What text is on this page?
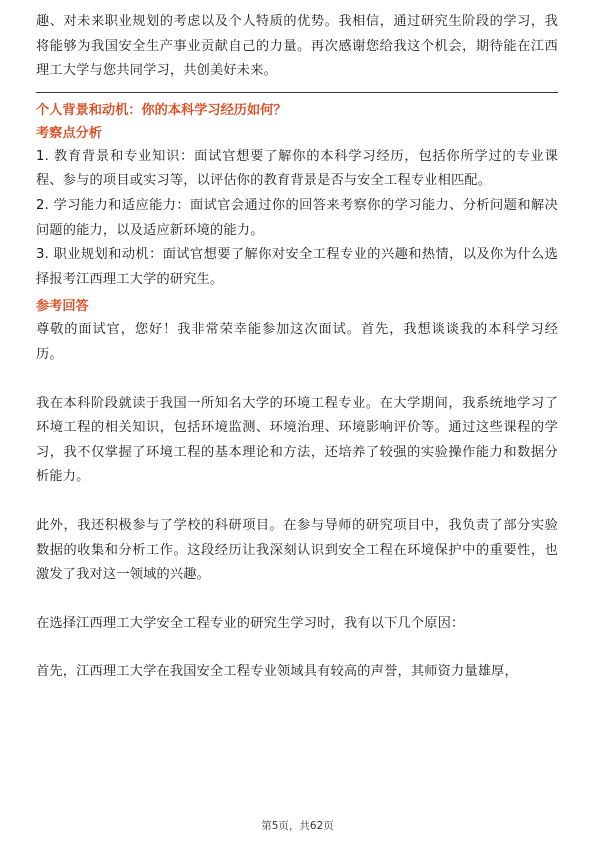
趣、对未来职业规划的考虑以及个人特质的优势。我相信，通过研究生阶段的学习，我将能够为我国安全生产事业贡献自己的力量。再次感谢您给我这个机会，期待能在江西理工大学与您共同学习，共创美好未来。

个人背景和动机：你的本科学习经历如何？
考察点分析

1. 教育背景和专业知识：面试官想要了解你的本科学习经历，包括你所学过的专业课程、参与的项目或实习等，以评估你的教育背景是否与安全工程专业相匹配。

2. 学习能力和适应能力：面试官会通过你的回答来考察你的学习能力、分析问题和解决问题的能力，以及适应新环境的能力。

3. 职业规划和动机：面试官想要了解你对安全工程专业的兴趣和热情，以及你为什么选择报考江西理工大学的研究生。

参考回答

尊敬的面试官，您好！我非常荣幸能参加这次面试。首先，我想谈谈我的本科学习经历。

我在本科阶段就读于我国一所知名大学的环境工程专业。在大学期间，我系统地学习了环境工程的相关知识，包括环境监测、环境治理、环境影响评价等。通过这些课程的学习，我不仅掌握了环境工程的基本理论和方法，还培养了较强的实验操作能力和数据分析能力。

此外，我还积极参与了学校的科研项目。在参与导师的研究项目中，我负责了部分实验数据的收集和分析工作。这段经历让我深刻认识到安全工程在环境保护中的重要性，也激发了我对这一领域的兴趣。

在选择江西理工大学安全工程专业的研究生学习时，我有以下几个原因：

首先，江西理工大学在我国安全工程专业领域具有较高的声誉，其师资力量雄厚，

第5页，共62页
